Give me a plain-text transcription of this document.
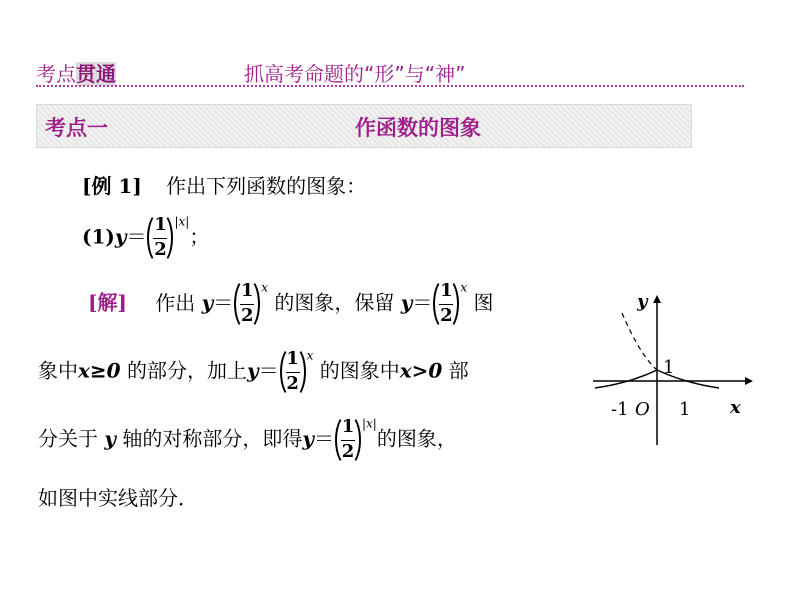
考点贯通	抓高考命题的“形”与“神”
考点一	作函数的图象
[例 1] 作出下列函数的图象：
$(1)y= \frac{1}{2} ^{|x|}$；
[解] 作出 $y= \frac{1}{2} ^x$ 的图象，保留 $y= \frac{1}{2} ^x$ 图
象中x≥0 的部分，加上$y= \frac{1}{2} ^x$ 的图象中x>0 部
分关于 y 轴的对称部分，即得$y= \frac{1}{2} ^{|x|}$的图象，
如图中实线部分．
y
x
1
-1 O 1
